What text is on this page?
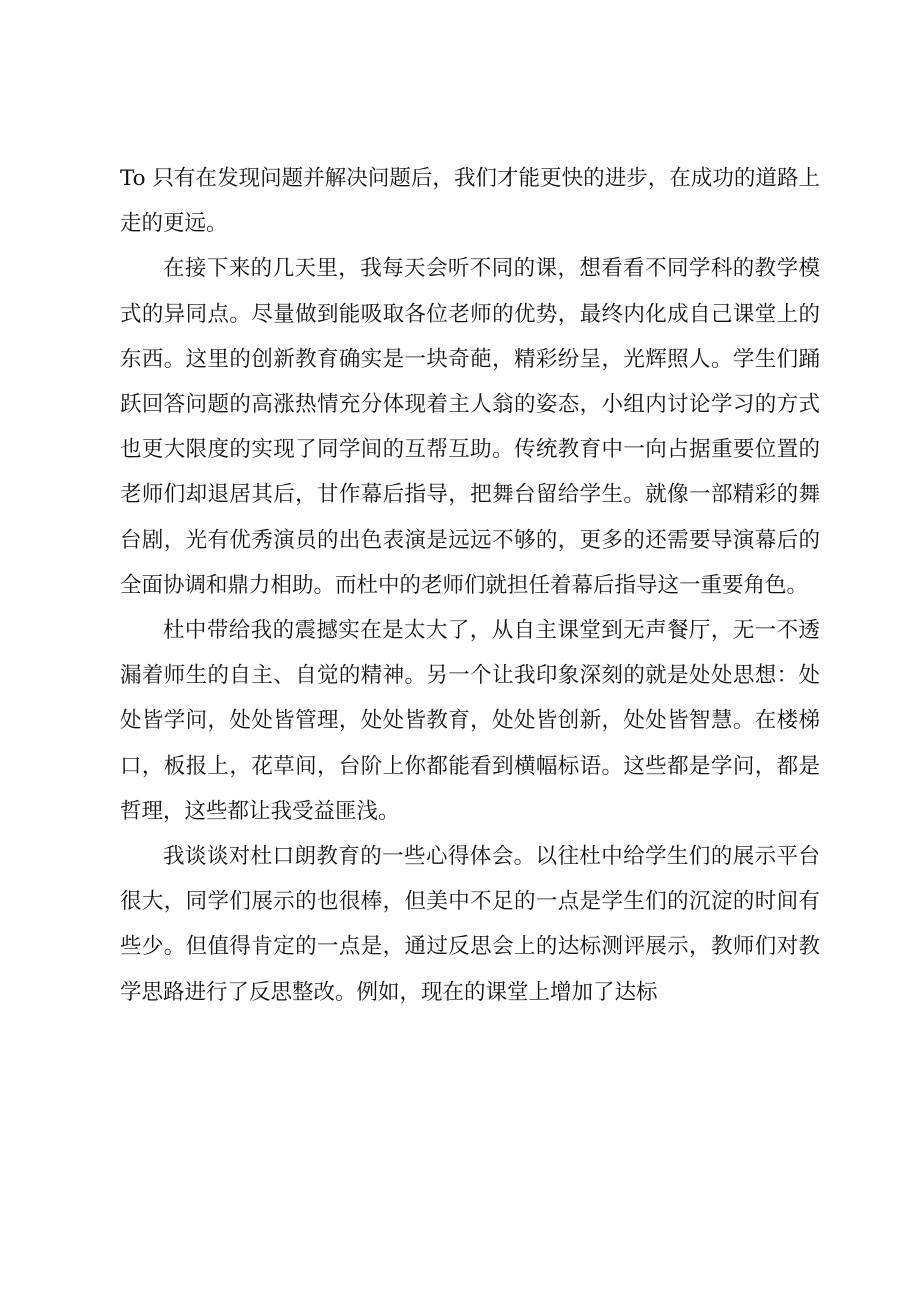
To 只有在发现问题并解决问题后，我们才能更快的进步，在成功的道路上走的更远。

在接下来的几天里，我每天会听不同的课，想看看不同学科的教学模式的异同点。尽量做到能吸取各位老师的优势，最终内化成自己课堂上的东西。这里的创新教育确实是一块奇葩，精彩纷呈，光辉照人。学生们踊跃回答问题的高涨热情充分体现着主人翁的姿态，小组内讨论学习的方式也更大限度的实现了同学间的互帮互助。传统教育中一向占据重要位置的老师们却退居其后，甘作幕后指导，把舞台留给学生。就像一部精彩的舞台剧，光有优秀演员的出色表演是远远不够的，更多的还需要导演幕后的全面协调和鼎力相助。而杜中的老师们就担任着幕后指导这一重要角色。

杜中带给我的震撼实在是太大了，从自主课堂到无声餐厅，无一不透漏着师生的自主、自觉的精神。另一个让我印象深刻的就是处处思想：处处皆学问，处处皆管理，处处皆教育，处处皆创新，处处皆智慧。在楼梯口，板报上，花草间，台阶上你都能看到横幅标语。这些都是学问，都是哲理，这些都让我受益匪浅。

我谈谈对杜口朗教育的一些心得体会。以往杜中给学生们的展示平台很大，同学们展示的也很棒，但美中不足的一点是学生们的沉淀的时间有些少。但值得肯定的一点是，通过反思会上的达标测评展示，教师们对教学思路进行了反思整改。例如，现在的课堂上增加了达标
